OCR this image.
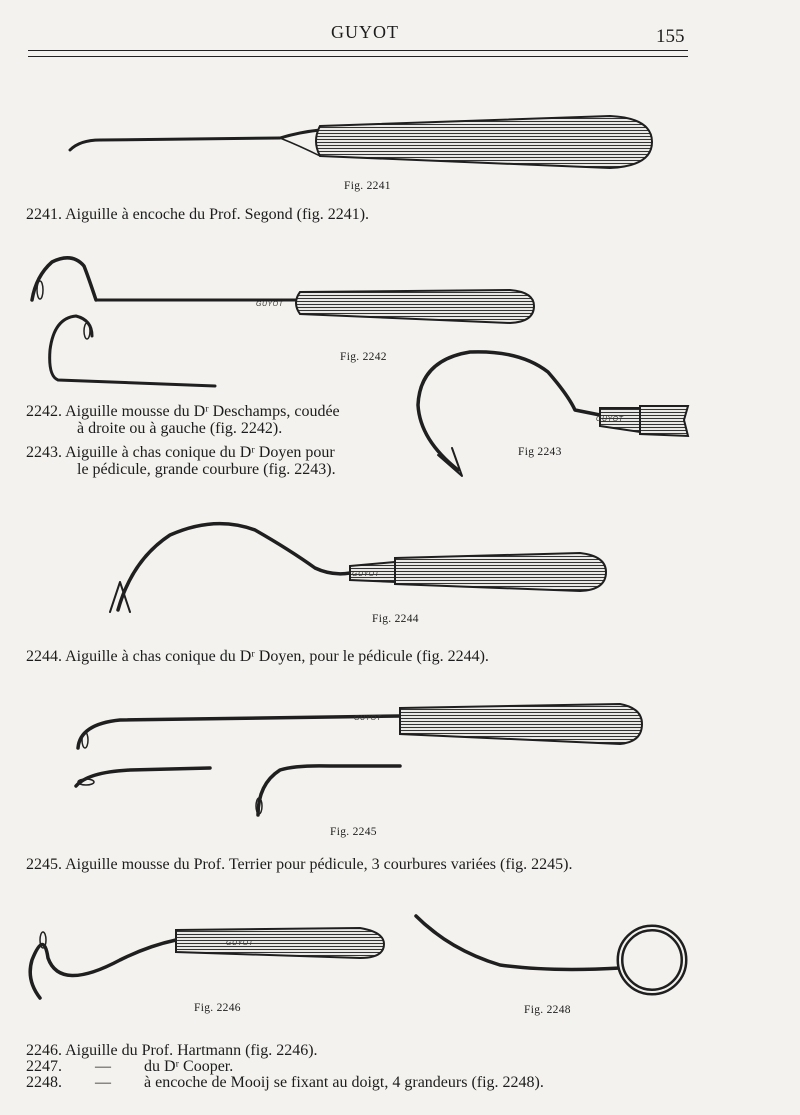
GUYOT	155
GUYOT
GUYOT
GUYOT
GUYOT
GUYOT
Fig. 2241
Fig. 2242
Fig 2243
Fig. 2244
Fig. 2245
Fig. 2246	Fig. 2248
2241. Aiguille à encoche du Prof. Segond (fig. 2241).
2242. Aiguille mousse du Dʳ Deschamps, coudée
à droite ou à gauche (fig. 2242).
2243. Aiguille à chas conique du Dʳ Doyen pour
le pédicule, grande courbure (fig. 2243).
2244. Aiguille à chas conique du Dʳ Doyen, pour le pédicule (fig. 2244).
2245. Aiguille mousse du Prof. Terrier pour pédicule, 3 courbures variées (fig. 2245).
2246. Aiguille du Prof. Hartmann (fig. 2246).
2247. — du Dʳ Cooper.
2248. — à encoche de Mooij se fixant au doigt, 4 grandeurs (fig. 2248).
